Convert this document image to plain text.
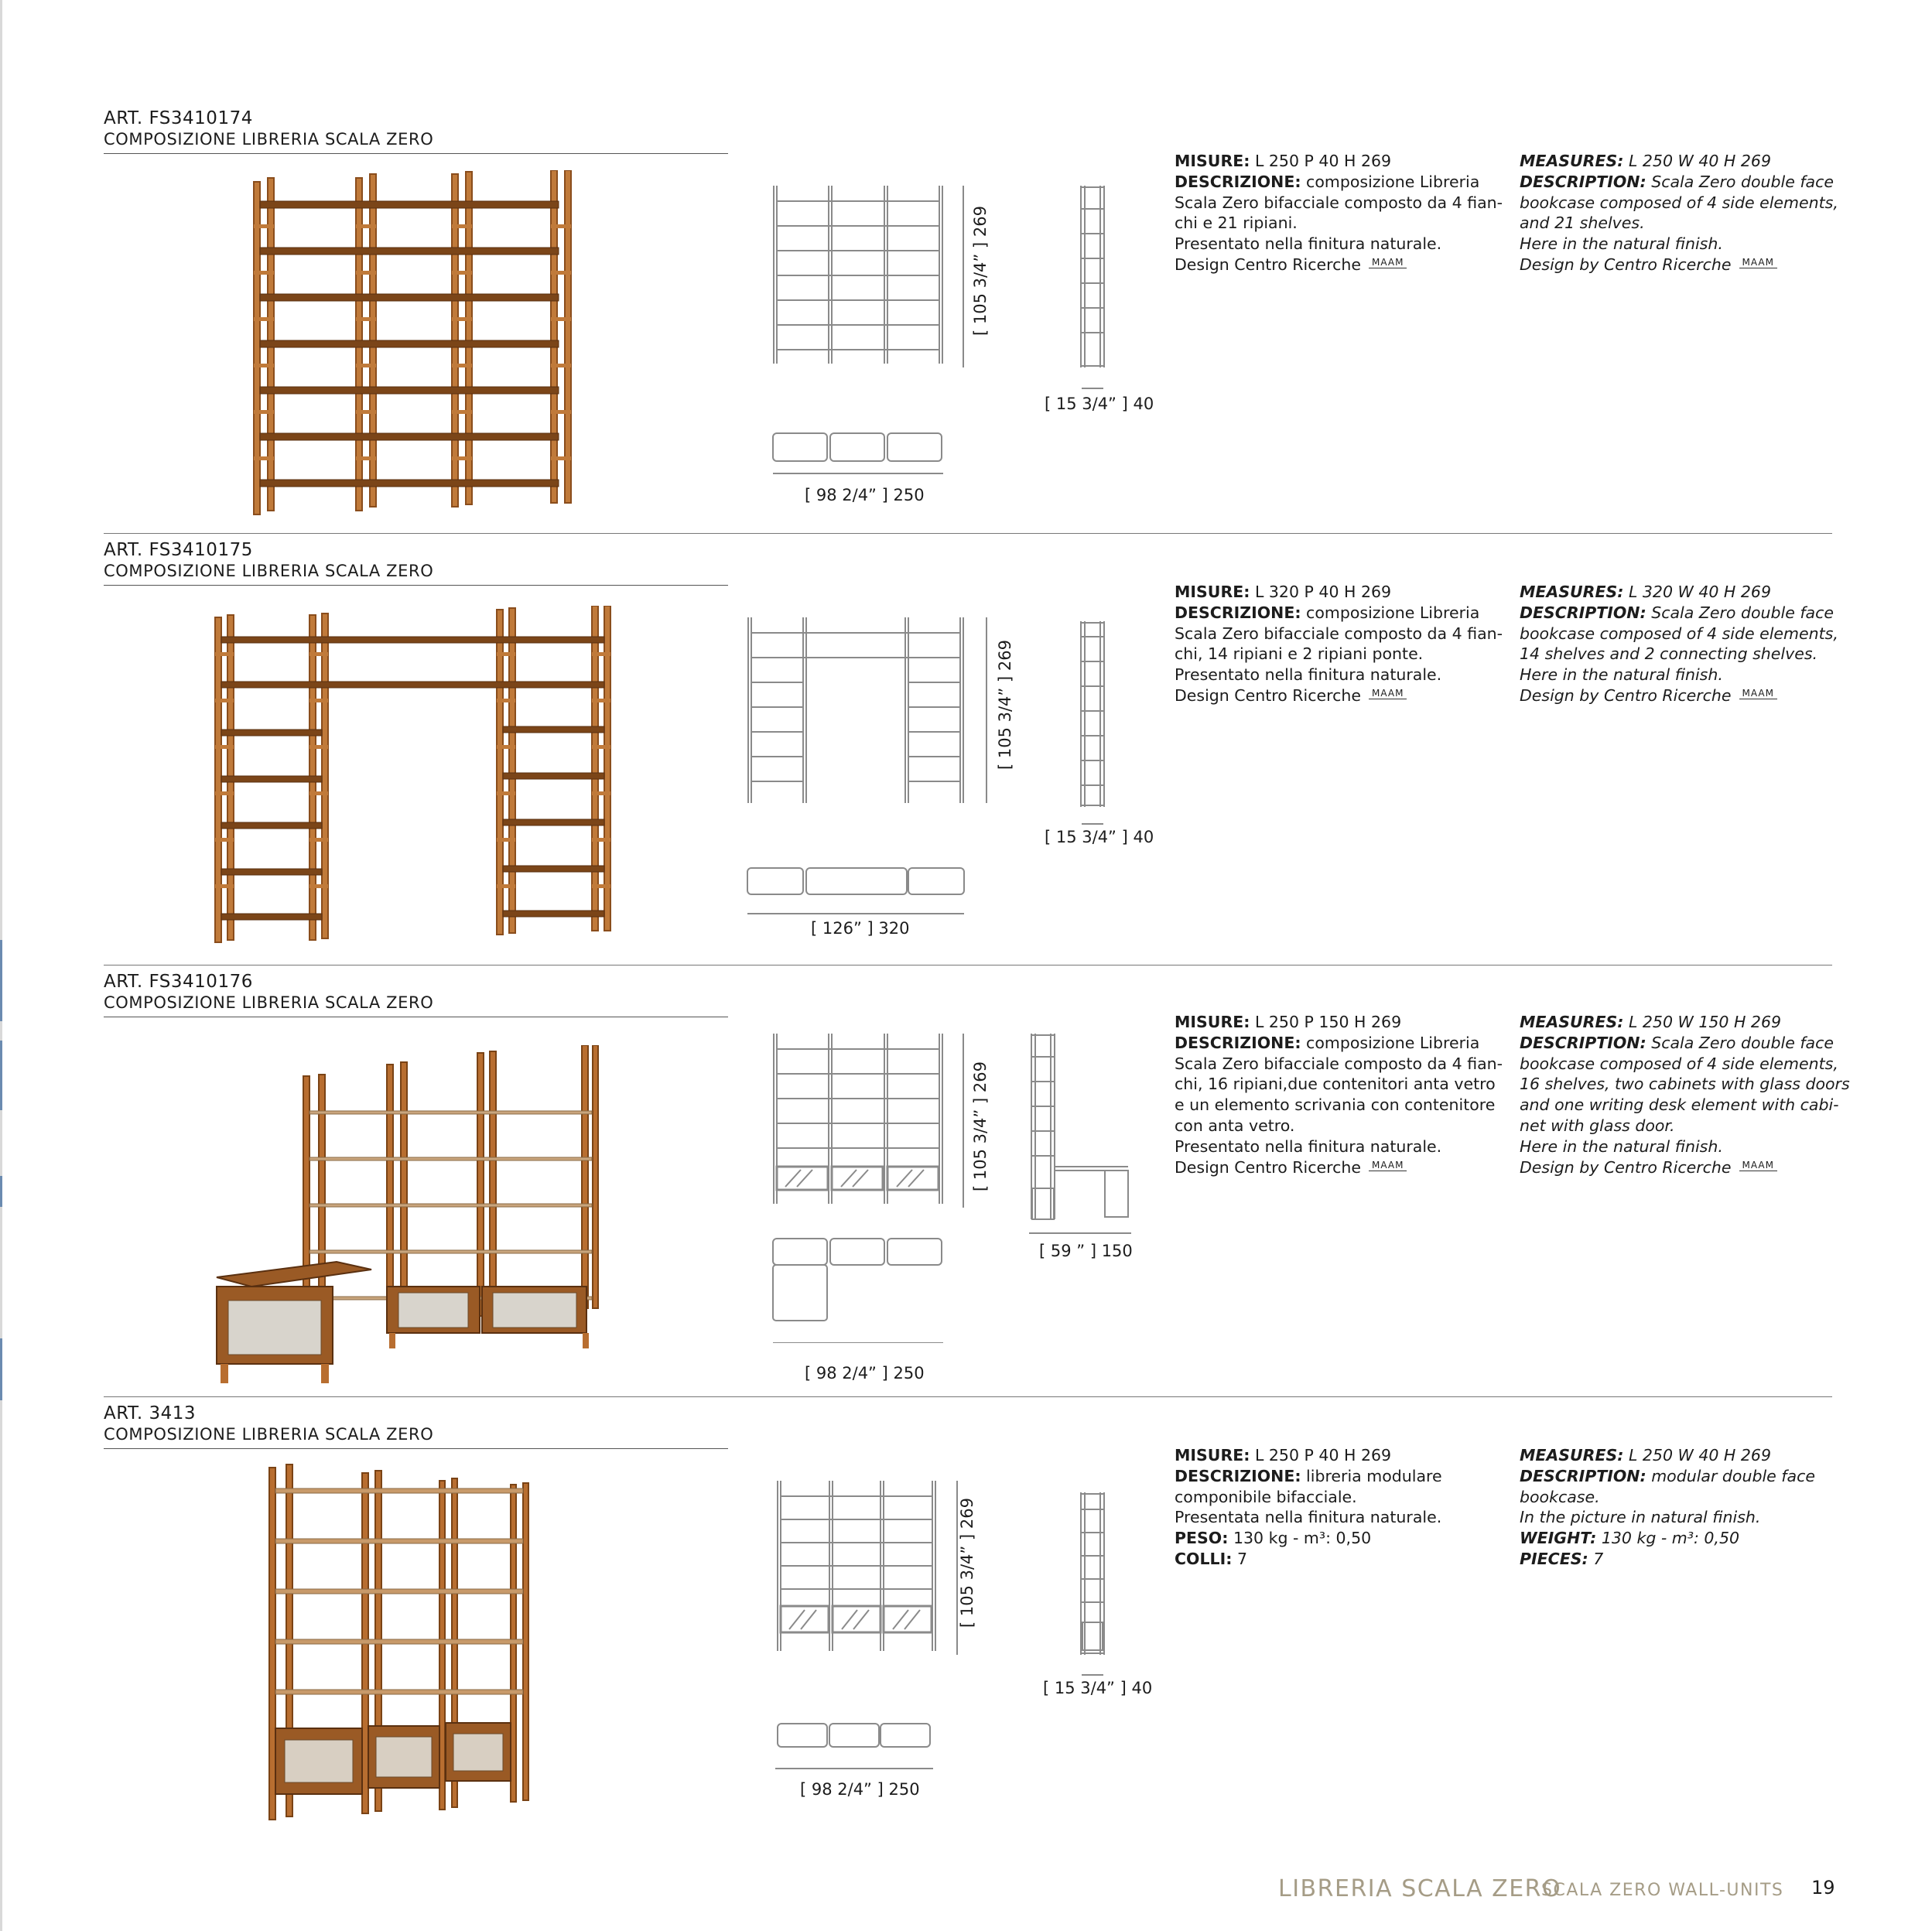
ART. FS3410174
COMPOSIZIONE LIBRERIA SCALA ZERO
[ 105 3/4” ] 269
[ 98 2/4” ] 250
[ 15 3/4” ] 40
MISURE: L 250 P 40 H 269
DESCRIZIONE: composizione Libreria
Scala Zero bifacciale composto da 4 fian-
chi e 21 ripiani.
Presentato nella finitura naturale.
Design Centro Ricerche MAAM
MEASURES: L 250 W 40 H 269
DESCRIPTION: Scala Zero double face
bookcase composed of 4 side elements,
and 21 shelves.
Here in the natural finish.
Design by Centro Ricerche MAAM
ART. FS3410175
COMPOSIZIONE LIBRERIA SCALA ZERO
[ 105 3/4” ] 269
[ 126” ] 320
[ 15 3/4” ] 40
MISURE: L 320 P 40 H 269
DESCRIZIONE: composizione Libreria
Scala Zero bifacciale composto da 4 fian-
chi, 14 ripiani e 2 ripiani ponte.
Presentato nella finitura naturale.
Design Centro Ricerche MAAM
MEASURES: L 320 W 40 H 269
DESCRIPTION: Scala Zero double face
bookcase composed of 4 side elements,
14 shelves and 2 connecting shelves.
Here in the natural finish.
Design by Centro Ricerche MAAM
ART. FS3410176
COMPOSIZIONE LIBRERIA SCALA ZERO
[ 105 3/4” ] 269
[ 98 2/4” ] 250
[ 59 ” ] 150
MISURE: L 250 P 150 H 269
DESCRIZIONE: composizione Libreria
Scala Zero bifacciale composto da 4 fian-
chi, 16 ripiani,due contenitori anta vetro
e un elemento scrivania con contenitore
con anta vetro.
Presentato nella finitura naturale.
Design Centro Ricerche MAAM
MEASURES: L 250 W 150 H 269
DESCRIPTION: Scala Zero double face
bookcase composed of 4 side elements,
16 shelves, two cabinets with glass doors
and one writing desk element with cabi-
net with glass door.
Here in the natural finish.
Design by Centro Ricerche MAAM
ART. 3413
COMPOSIZIONE LIBRERIA SCALA ZERO
[ 105 3/4” ] 269
[ 98 2/4” ] 250
[ 15 3/4” ] 40
MISURE: L 250 P 40 H 269
DESCRIZIONE: libreria modulare
componibile bifacciale.
Presentata nella finitura naturale.
PESO: 130 kg - m³: 0,50
COLLI: 7
MEASURES: L 250 W 40 H 269
DESCRIPTION: modular double face
bookcase.
In the picture in natural finish.
WEIGHT: 130 kg - m³: 0,50
PIECES: 7
LIBRERIA SCALA ZERO
SCALA ZERO WALL-UNITS 19
